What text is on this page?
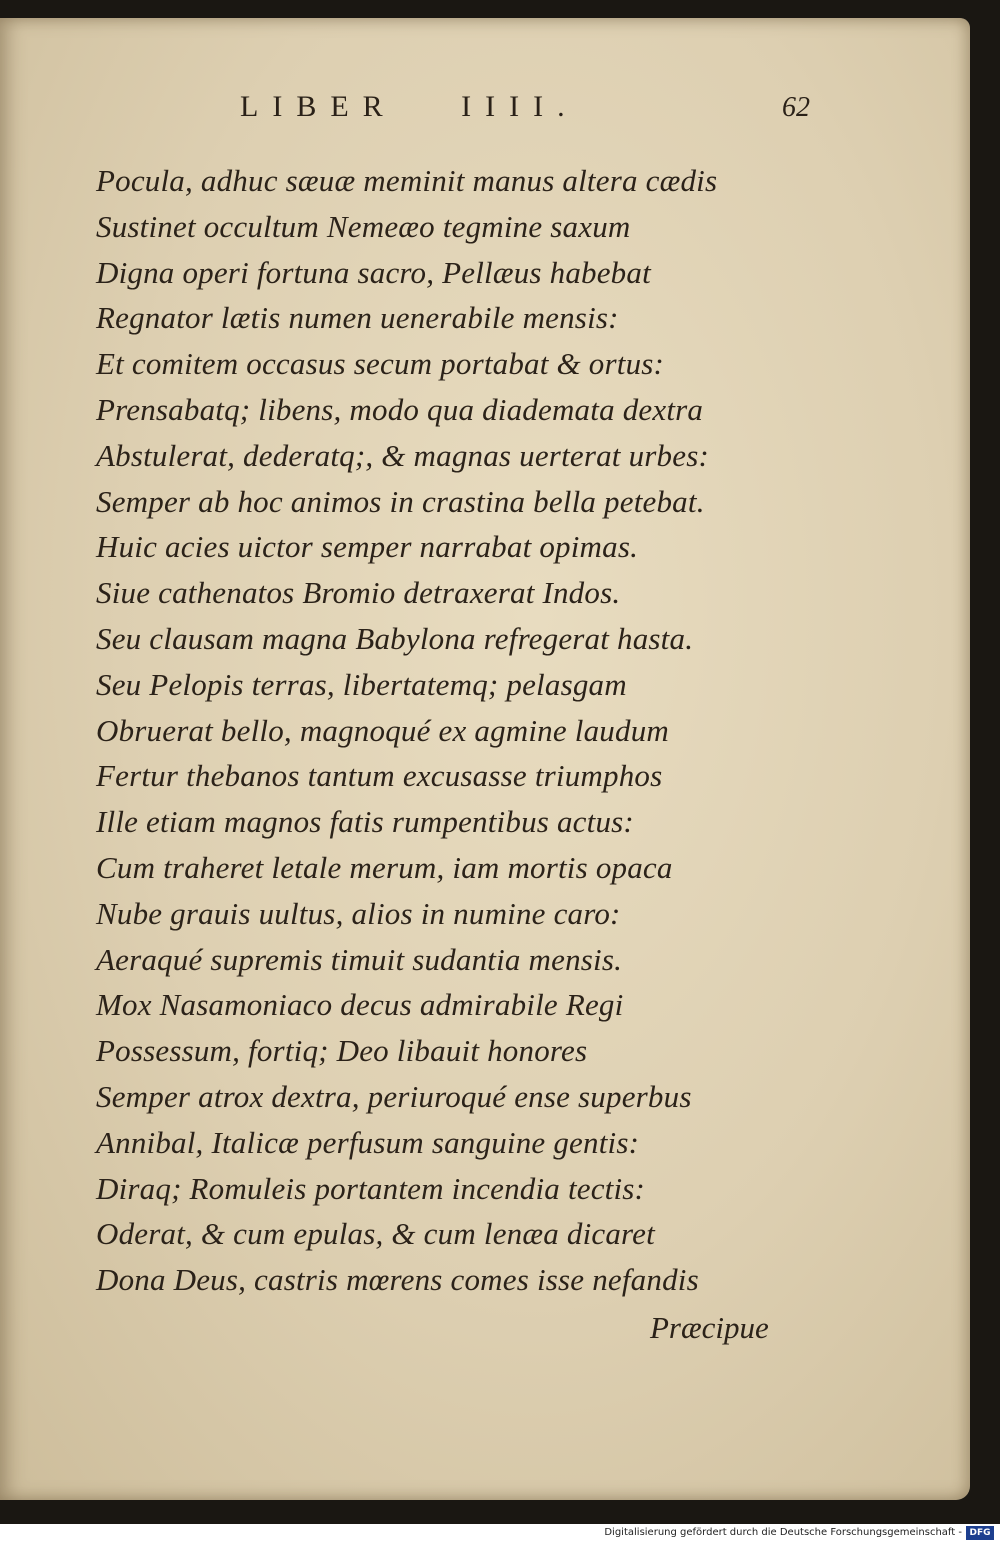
LIBER   IIII.	62
Pocula, adhuc sæuæ meminit manus altera cædis
Sustinet occultum Nemeæo tegmine saxum
Digna operi fortuna sacro, Pellæus habebat
Regnator lætis numen uenerabile mensis:
Et comitem occasus secum portabat & ortus:
Prensabatq; libens, modo qua diademata dextra
Abstulerat, dederatq;, & magnas uerterat urbes:
Semper ab hoc animos in crastina bella petebat.
Huic acies uictor semper narrabat opimas.
Siue cathenatos Bromio detraxerat Indos.
Seu clausam magna Babylona refregerat hasta.
Seu Pelopis terras, libertatemq; pelasgam
Obruerat bello, magnoqué ex agmine laudum
Fertur thebanos tantum excusasse triumphos
Ille etiam magnos fatis rumpentibus actus:
Cum traheret letale merum, iam mortis opaca
Nube grauis uultus, alios in numine caro:
Aeraqué supremis timuit sudantia mensis.
Mox Nasamoniaco decus admirabile Regi
Possessum, fortiq; Deo libauit honores
Semper atrox dextra, periuroqué ense superbus
Annibal, Italicæ perfusum sanguine gentis:
Diraq; Romuleis portantem incendia tectis:
Oderat, & cum epulas, & cum lenæa dicaret
Dona Deus, castris mœrens comes isse nefandis
Præcipue
Digitalisierung gefördert durch die Deutsche Forschungsgemeinschaft - DFG
